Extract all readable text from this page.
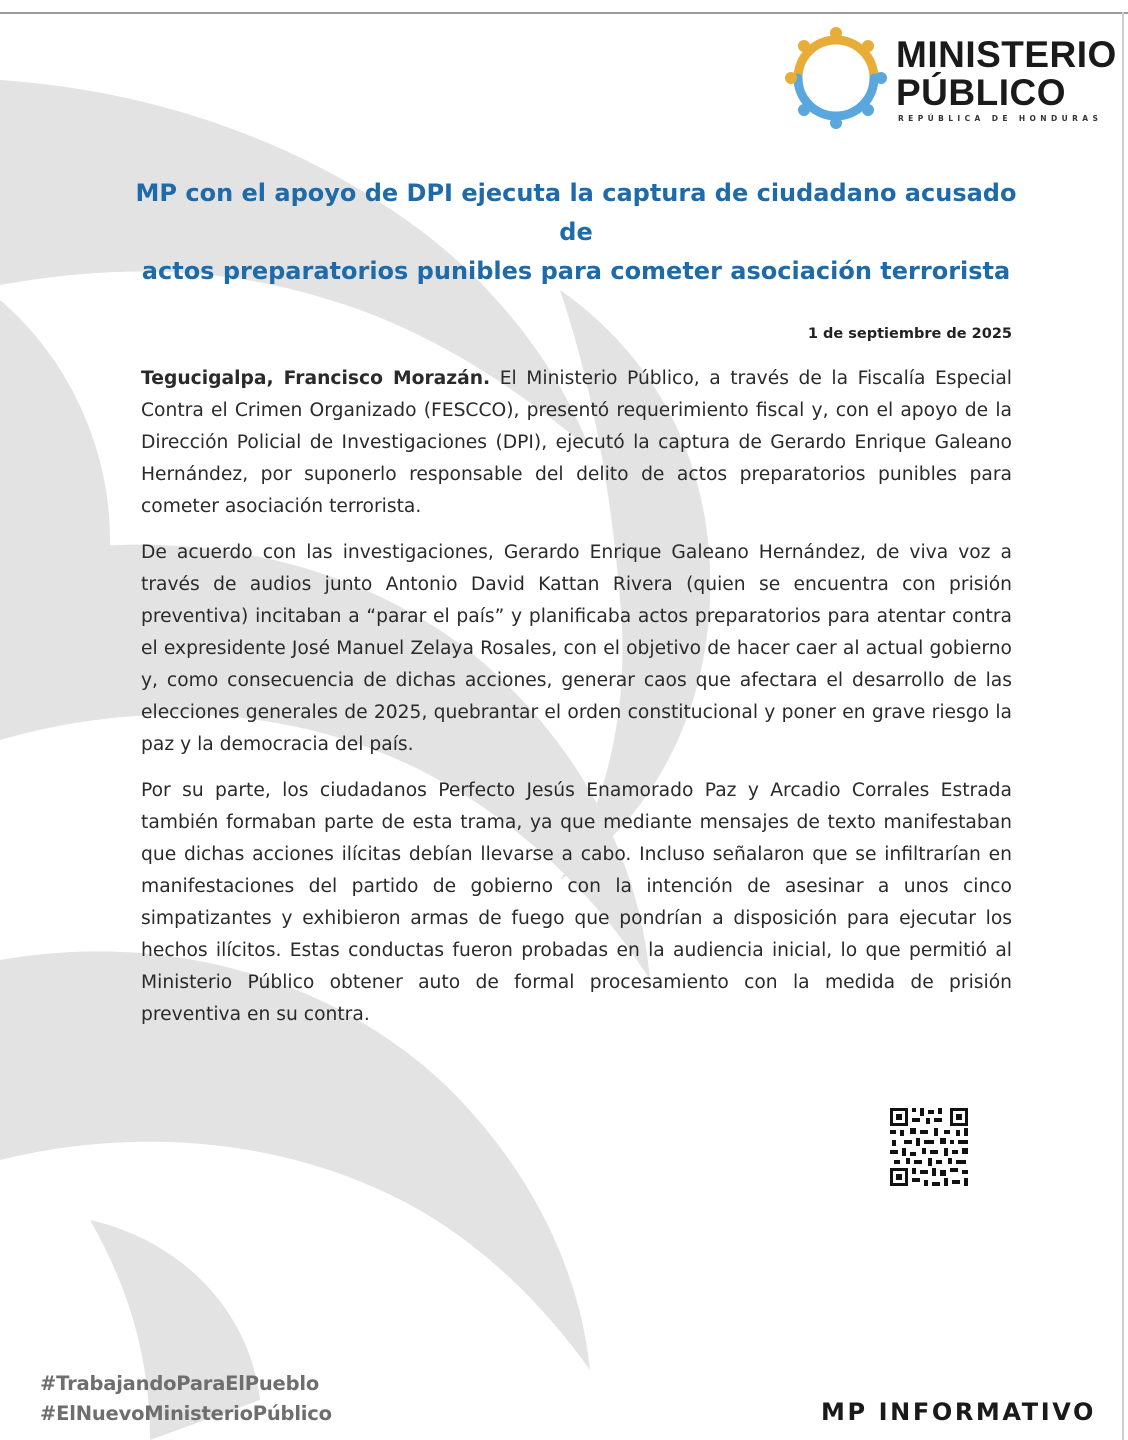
MINISTERIO
PÚBLICO
REPÚBLICA DE HONDURAS
MP con el apoyo de DPI ejecuta la captura de ciudadano acusado de
actos preparatorios punibles para cometer asociación terrorista
1 de septiembre de 2025

Tegucigalpa, Francisco Morazán. El Ministerio Público, a través de la Fiscalía Especial Contra el Crimen Organizado (FESCCO), presentó requerimiento fiscal y, con el apoyo de la Dirección Policial de Investigaciones (DPI), ejecutó la captura de Gerardo Enrique Galeano Hernández, por suponerlo responsable del delito de actos preparatorios punibles para cometer asociación terrorista.

De acuerdo con las investigaciones, Gerardo Enrique Galeano Hernández, de viva voz a través de audios junto Antonio David Kattan Rivera (quien se encuentra con prisión preventiva) incitaban a “parar el país” y planificaba actos preparatorios para atentar contra el expresidente José Manuel Zelaya Rosales, con el objetivo de hacer caer al actual gobierno y, como consecuencia de dichas acciones, generar caos que afectara el desarrollo de las elecciones generales de 2025, quebrantar el orden constitucional y poner en grave riesgo la paz y la democracia del país.

Por su parte, los ciudadanos Perfecto Jesús Enamorado Paz y Arcadio Corrales Estrada también formaban parte de esta trama, ya que mediante mensajes de texto manifestaban que dichas acciones ilícitas debían llevarse a cabo. Incluso señalaron que se infiltrarían en manifestaciones del partido de gobierno con la intención de asesinar a unos cinco simpatizantes y exhibieron armas de fuego que pondrían a disposición para ejecutar los hechos ilícitos. Estas conductas fueron probadas en la audiencia inicial, lo que permitió al Ministerio Público obtener auto de formal procesamiento con la medida de prisión preventiva en su contra.

#TrabajandoParaElPueblo
#ElNuevoMinisterioPúblico	MP INFORMATIVO
